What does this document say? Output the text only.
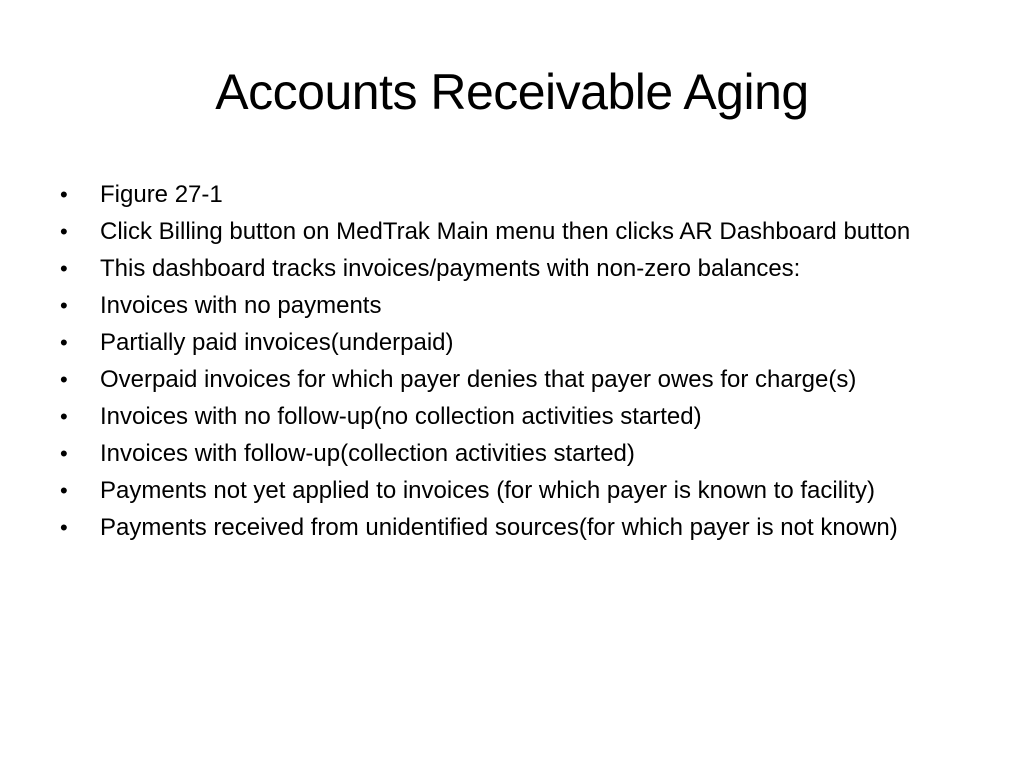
Accounts Receivable Aging
• Figure 27-1
• Click Billing button on MedTrak Main menu then clicks AR Dashboard button
• This dashboard tracks invoices/payments with non-zero balances:
• Invoices with no payments
• Partially paid invoices(underpaid)
• Overpaid invoices for which payer denies that payer owes for charge(s)
• Invoices with no follow-up(no collection activities started)
• Invoices with follow-up(collection activities started)
• Payments not yet applied to invoices (for which payer is known to facility)
• Payments received from unidentified sources(for which payer is not known)
